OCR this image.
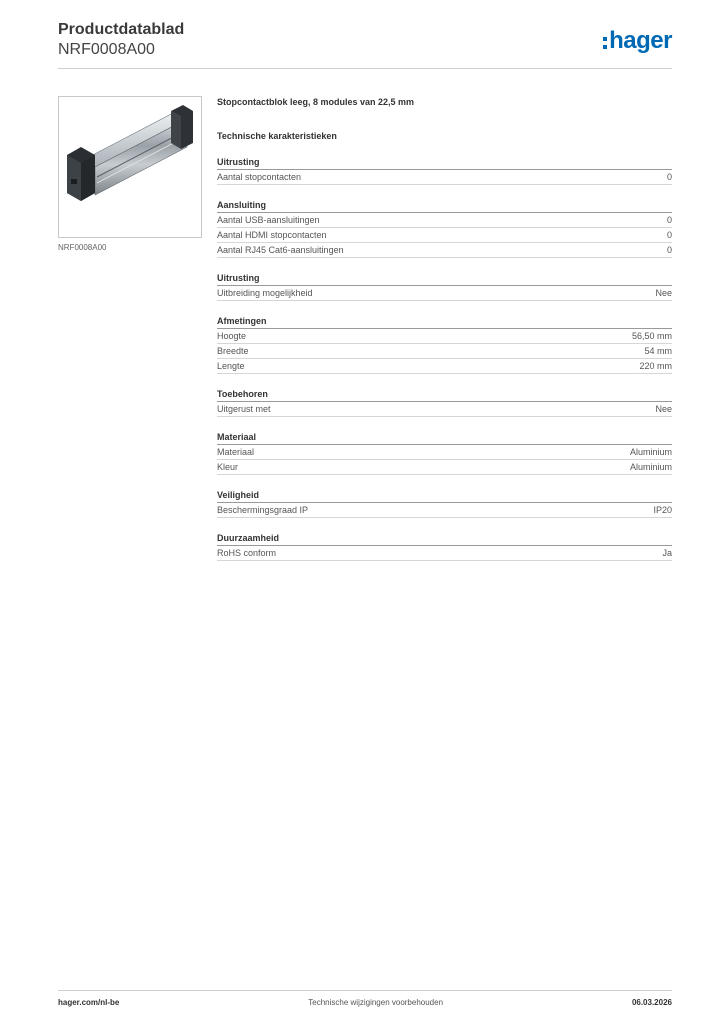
Productdatablad
NRF0008A00	hager
NRF0008A00
Stopcontactblok leeg, 8 modules van 22,5 mm
Technische karakteristieken
Uitrusting
Aantal stopcontacten	0
Aansluiting
Aantal USB-aansluitingen	0
Aantal HDMI stopcontacten	0
Aantal RJ45 Cat6-aansluitingen	0
Uitrusting
Uitbreiding mogelijkheid	Nee
Afmetingen
Hoogte	56,50 mm
Breedte	54 mm
Lengte	220 mm
Toebehoren
Uitgerust met	Nee
Materiaal
Materiaal	Aluminium
Kleur	Aluminium
Veiligheid
Beschermingsgraad IP	IP20
Duurzaamheid
RoHS conform	Ja
hager.com/nl-be	Technische wijzigingen voorbehouden	06.03.2026
